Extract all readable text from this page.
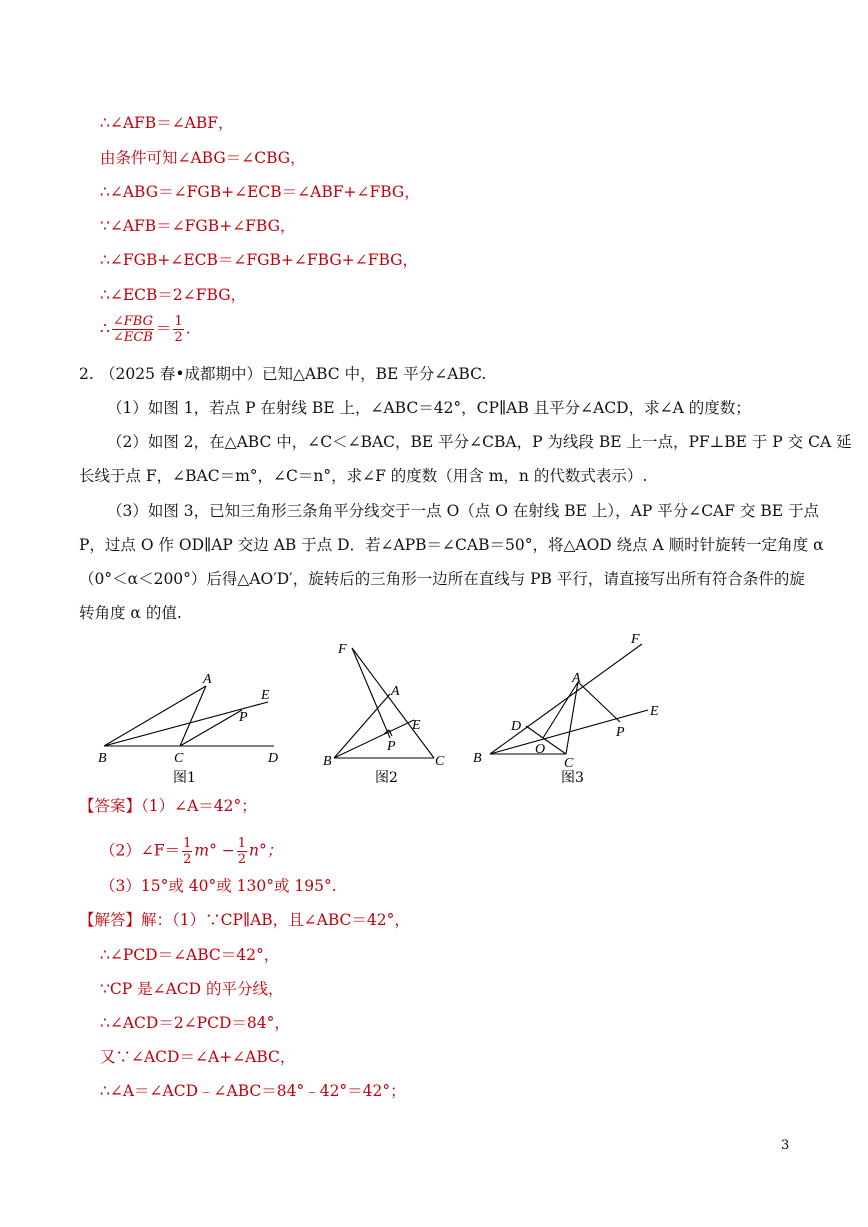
∴∠AFB＝∠ABF，
由条件可知∠ABG＝∠CBG，
∴∠ABG＝∠FGB+∠ECB＝∠ABF+∠FBG，
∵∠AFB＝∠FGB+∠FBG，
∴∠FGB+∠ECB＝∠FGB+∠FBG+∠FBG，
∴∠ECB＝2∠FBG，
∴ $\frac{\text{∠FBG}}{\text{∠ECB}} = \frac{1}{2}$ .
2. （2025 春•成都期中）已知△ABC 中，BE 平分∠ABC.
（1）如图 1，若点 P 在射线 BE 上，∠ABC＝42°，CP∥AB 且平分∠ACD，求∠A 的度数；
（2）如图 2，在△ABC 中，∠C＜∠BAC，BE 平分∠CBA，P 为线段 BE 上一点，PF⊥BE 于 P 交 CA 延
长线于点 F，∠BAC＝m°，∠C＝n°，求∠F 的度数（用含 m，n 的代数式表示）.
（3）如图 3，已知三角形三条角平分线交于一点 O（点 O 在射线 BE 上），AP 平分∠CAF 交 BE 于点
P，过点 O 作 OD∥AP 交边 AB 于点 D．若∠APB＝∠CAB＝50°，将△AOD 绕点 A 顺时针旋转一定角度 α
（0°＜α＜200°）后得△AO′D′，旋转后的三角形一边所在直线与 PB 平行，请直接写出所有符合条件的旋
转角度 α 的值.
A
E
P
B	C	D
图1
F
A
E
P
B	C
图2
F
A
E
D	P
O
B	C
图3
【答案】（1）∠A＝42°；
（2）∠F＝ $\frac{1}{2} m^\circ - \frac{1}{2} n^\circ$；
（3）15°或 40°或 130°或 195°.
【解答】解：（1）∵CP∥AB，且∠ABC＝42°，
∴∠PCD＝∠ABC＝42°，
∵CP 是∠ACD 的平分线，
∴∠ACD＝2∠PCD＝84°，
又∵∠ACD＝∠A+∠ABC，
∴∠A＝∠ACD﹣∠ABC＝84°﹣42°＝42°；
3
